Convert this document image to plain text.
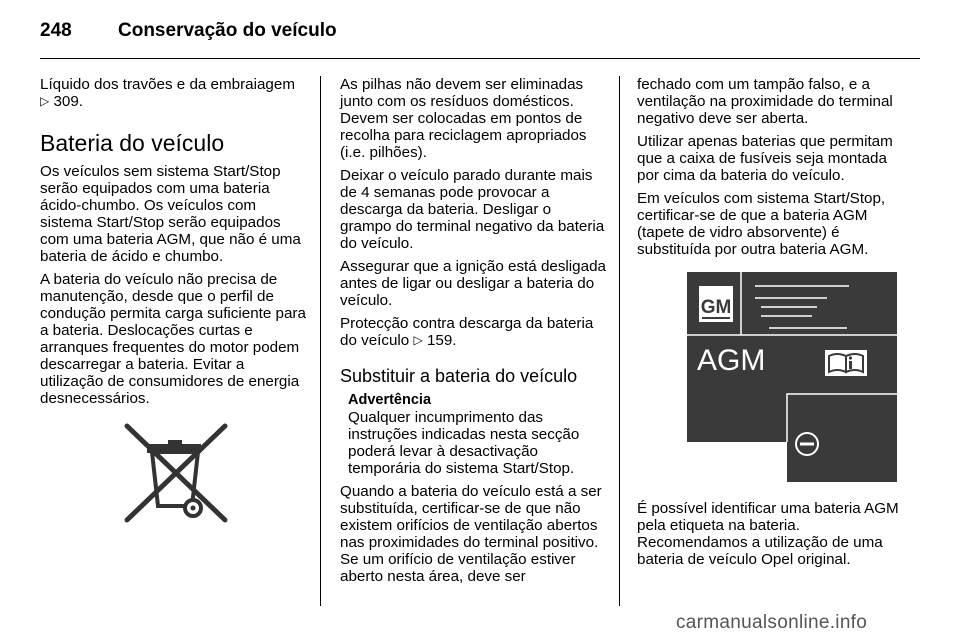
248 Conservação do veículo

Líquido dos travões e da embraiagem
▷ 309.

Bateria do veículo

Os veículos sem sistema Start/Stop serão equipados com uma bateria ácido-chumbo. Os veículos com sistema Start/Stop serão equipados com uma bateria AGM, que não é uma bateria de ácido e chumbo.

A bateria do veículo não precisa de manutenção, desde que o perfil de condução permita carga suficiente para a bateria. Deslocações curtas e arranques frequentes do motor podem descarregar a bateria. Evitar a utilização de consumidores de energia desnecessários.

As pilhas não devem ser eliminadas junto com os resíduos domésticos. Devem ser colocadas em pontos de recolha para reciclagem apropriados (i.e. pilhões).

Deixar o veículo parado durante mais de 4 semanas pode provocar a descarga da bateria. Desligar o grampo do terminal negativo da bateria do veículo.

Assegurar que a ignição está desligada antes de ligar ou desligar a bateria do veículo.

Protecção contra descarga da bateria do veículo ▷ 159.

Substituir a bateria do veículo
Advertência
Qualquer incumprimento das instruções indicadas nesta secção poderá levar à desactivação temporária do sistema Start/Stop.

Quando a bateria do veículo está a ser substituída, certificar-se de que não existem orifícios de ventilação abertos nas proximidades do terminal positivo. Se um orifício de ventilação estiver aberto nesta área, deve ser

fechado com um tampão falso, e a ventilação na proximidade do terminal negativo deve ser aberta.

Utilizar apenas baterias que permitam que a caixa de fusíveis seja montada por cima da bateria do veículo.

Em veículos com sistema Start/Stop, certificar-se de que a bateria AGM (tapete de vidro absorvente) é substituída por outra bateria AGM.

GM
AGM

É possível identificar uma bateria AGM pela etiqueta na bateria. Recomendamos a utilização de uma bateria de veículo Opel original.

carmanualsonline.info
